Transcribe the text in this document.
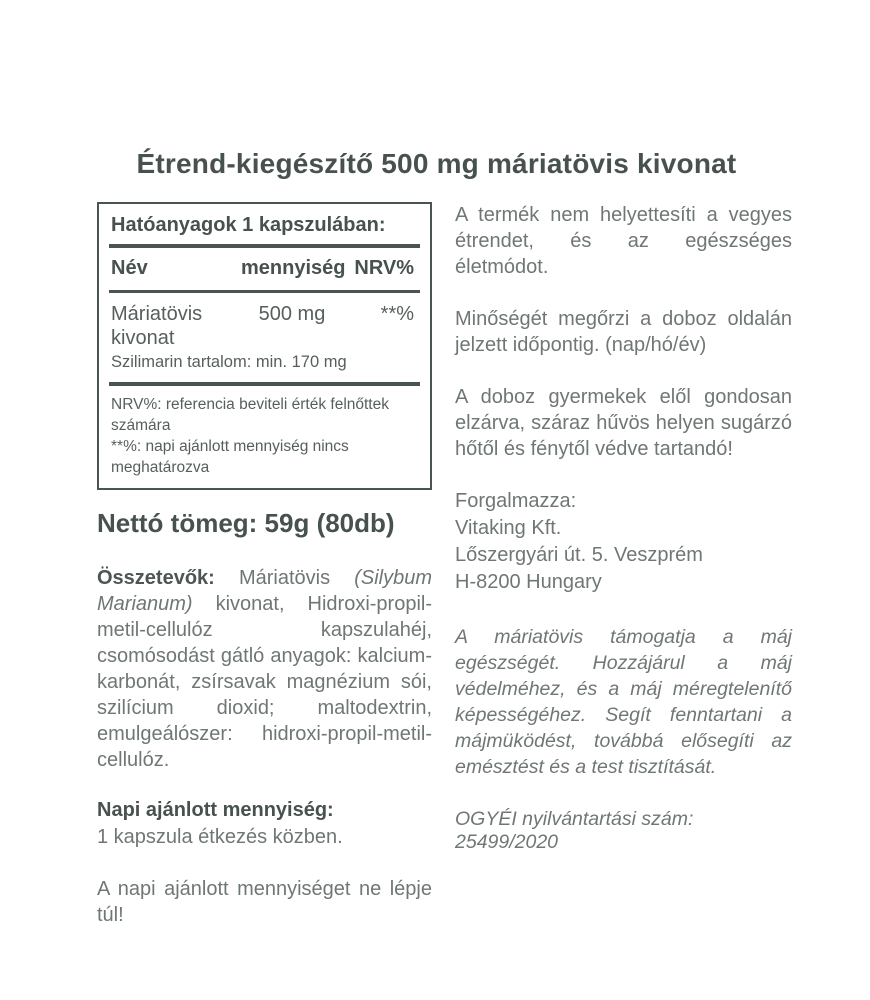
Étrend-kiegészítő 500 mg máriatövis kivonat
Hatóanyagok 1 kapszulában:
Név	mennyiség NRV%
Máriatövis kivonat
500 mg	**%
Szilimarin tartalom: min. 170 mg
NRV%: referencia beviteli érték felnőttek számára
**%: napi ajánlott mennyiség nincs meghatározva
Nettó tömeg: 59g (80db)

Összetevők: Máriatövis (Silybum Marianum) kivonat, Hidroxi-propil-metil-cellulóz kapszulahéj, csomósodást gátló anyagok: kalcium-karbonát, zsírsavak magnézium sói, szilícium dioxid; maltodextrin, emulgeálószer: hidroxi-propil-metil-cellulóz.

Napi ajánlott mennyiség:
1 kapszula étkezés közben.

A napi ajánlott mennyiséget ne lépje túl!

A termék nem helyettesíti a vegyes étrendet, és az egészséges életmódot.

Minőségét megőrzi a doboz oldalán jelzett időpontig. (nap/hó/év)

A doboz gyermekek elől gondosan elzárva, száraz hűvös helyen sugárzó hőtől és fénytől védve tartandó!

Forgalmazza:
Vitaking Kft.
Lőszergyári út. 5. Veszprém
H-8200 Hungary

A máriatövis támogatja a máj egészségét. Hozzájárul a máj védelméhez, és a máj méregtelenítő képességéhez. Segít fenntartani a májmüködést, továbbá elősegíti az emésztést és a test tisztítását.

OGYÉI nyilvántartási szám: 25499/2020
